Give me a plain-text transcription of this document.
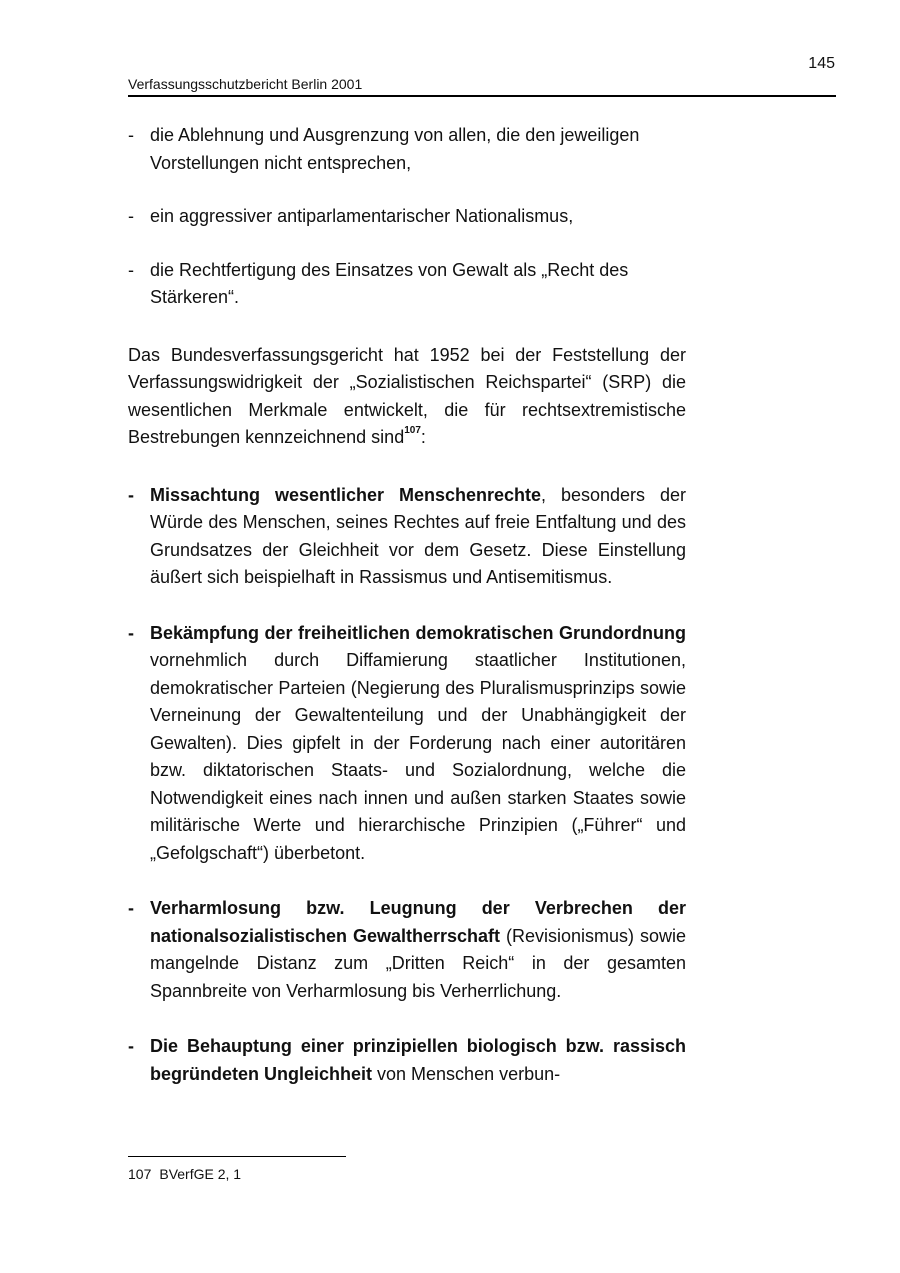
145
Verfassungsschutzbericht Berlin 2001
- die Ablehnung und Ausgrenzung von allen, die den jeweiligen Vorstellungen nicht entsprechen,
- ein aggressiver antiparlamentarischer Nationalismus,
- die Rechtfertigung des Einsatzes von Gewalt als „Recht des Stärkeren“.

Das Bundesverfassungsgericht hat 1952 bei der Feststellung der Verfassungswidrigkeit der „Sozialistischen Reichspartei“ (SRP) die wesentlichen Merkmale entwickelt, die für rechtsextremistische Bestrebungen kennzeichnend sind$^{107}$:

- Missachtung wesentlicher Menschenrechte, besonders der Würde des Menschen, seines Rechtes auf freie Entfaltung und des Grundsatzes der Gleichheit vor dem Gesetz. Diese Einstellung äußert sich beispielhaft in Rassismus und Antisemitismus.
- Bekämpfung der freiheitlichen demokratischen Grundordnung vornehmlich durch Diffamierung staatlicher Institutionen, demokratischer Parteien (Negierung des Pluralismusprinzips sowie Verneinung der Gewaltenteilung und der Unabhängigkeit der Gewalten). Dies gipfelt in der Forderung nach einer autoritären bzw. diktatorischen Staats- und Sozialordnung, welche die Notwendigkeit eines nach innen und außen starken Staates sowie militärische Werte und hierarchische Prinzipien („Führer“ und „Gefolgschaft“) überbetont.
- Verharmlosung bzw. Leugnung der Verbrechen der nationalsozialistischen Gewaltherrschaft (Revisionismus) sowie mangelnde Distanz zum „Dritten Reich“ in der gesamten Spannbreite von Verharmlosung bis Verherrlichung.
- Die Behauptung einer prinzipiellen biologisch bzw. rassisch begründeten Ungleichheit von Menschen verbun-
107 BVerfGE 2, 1
